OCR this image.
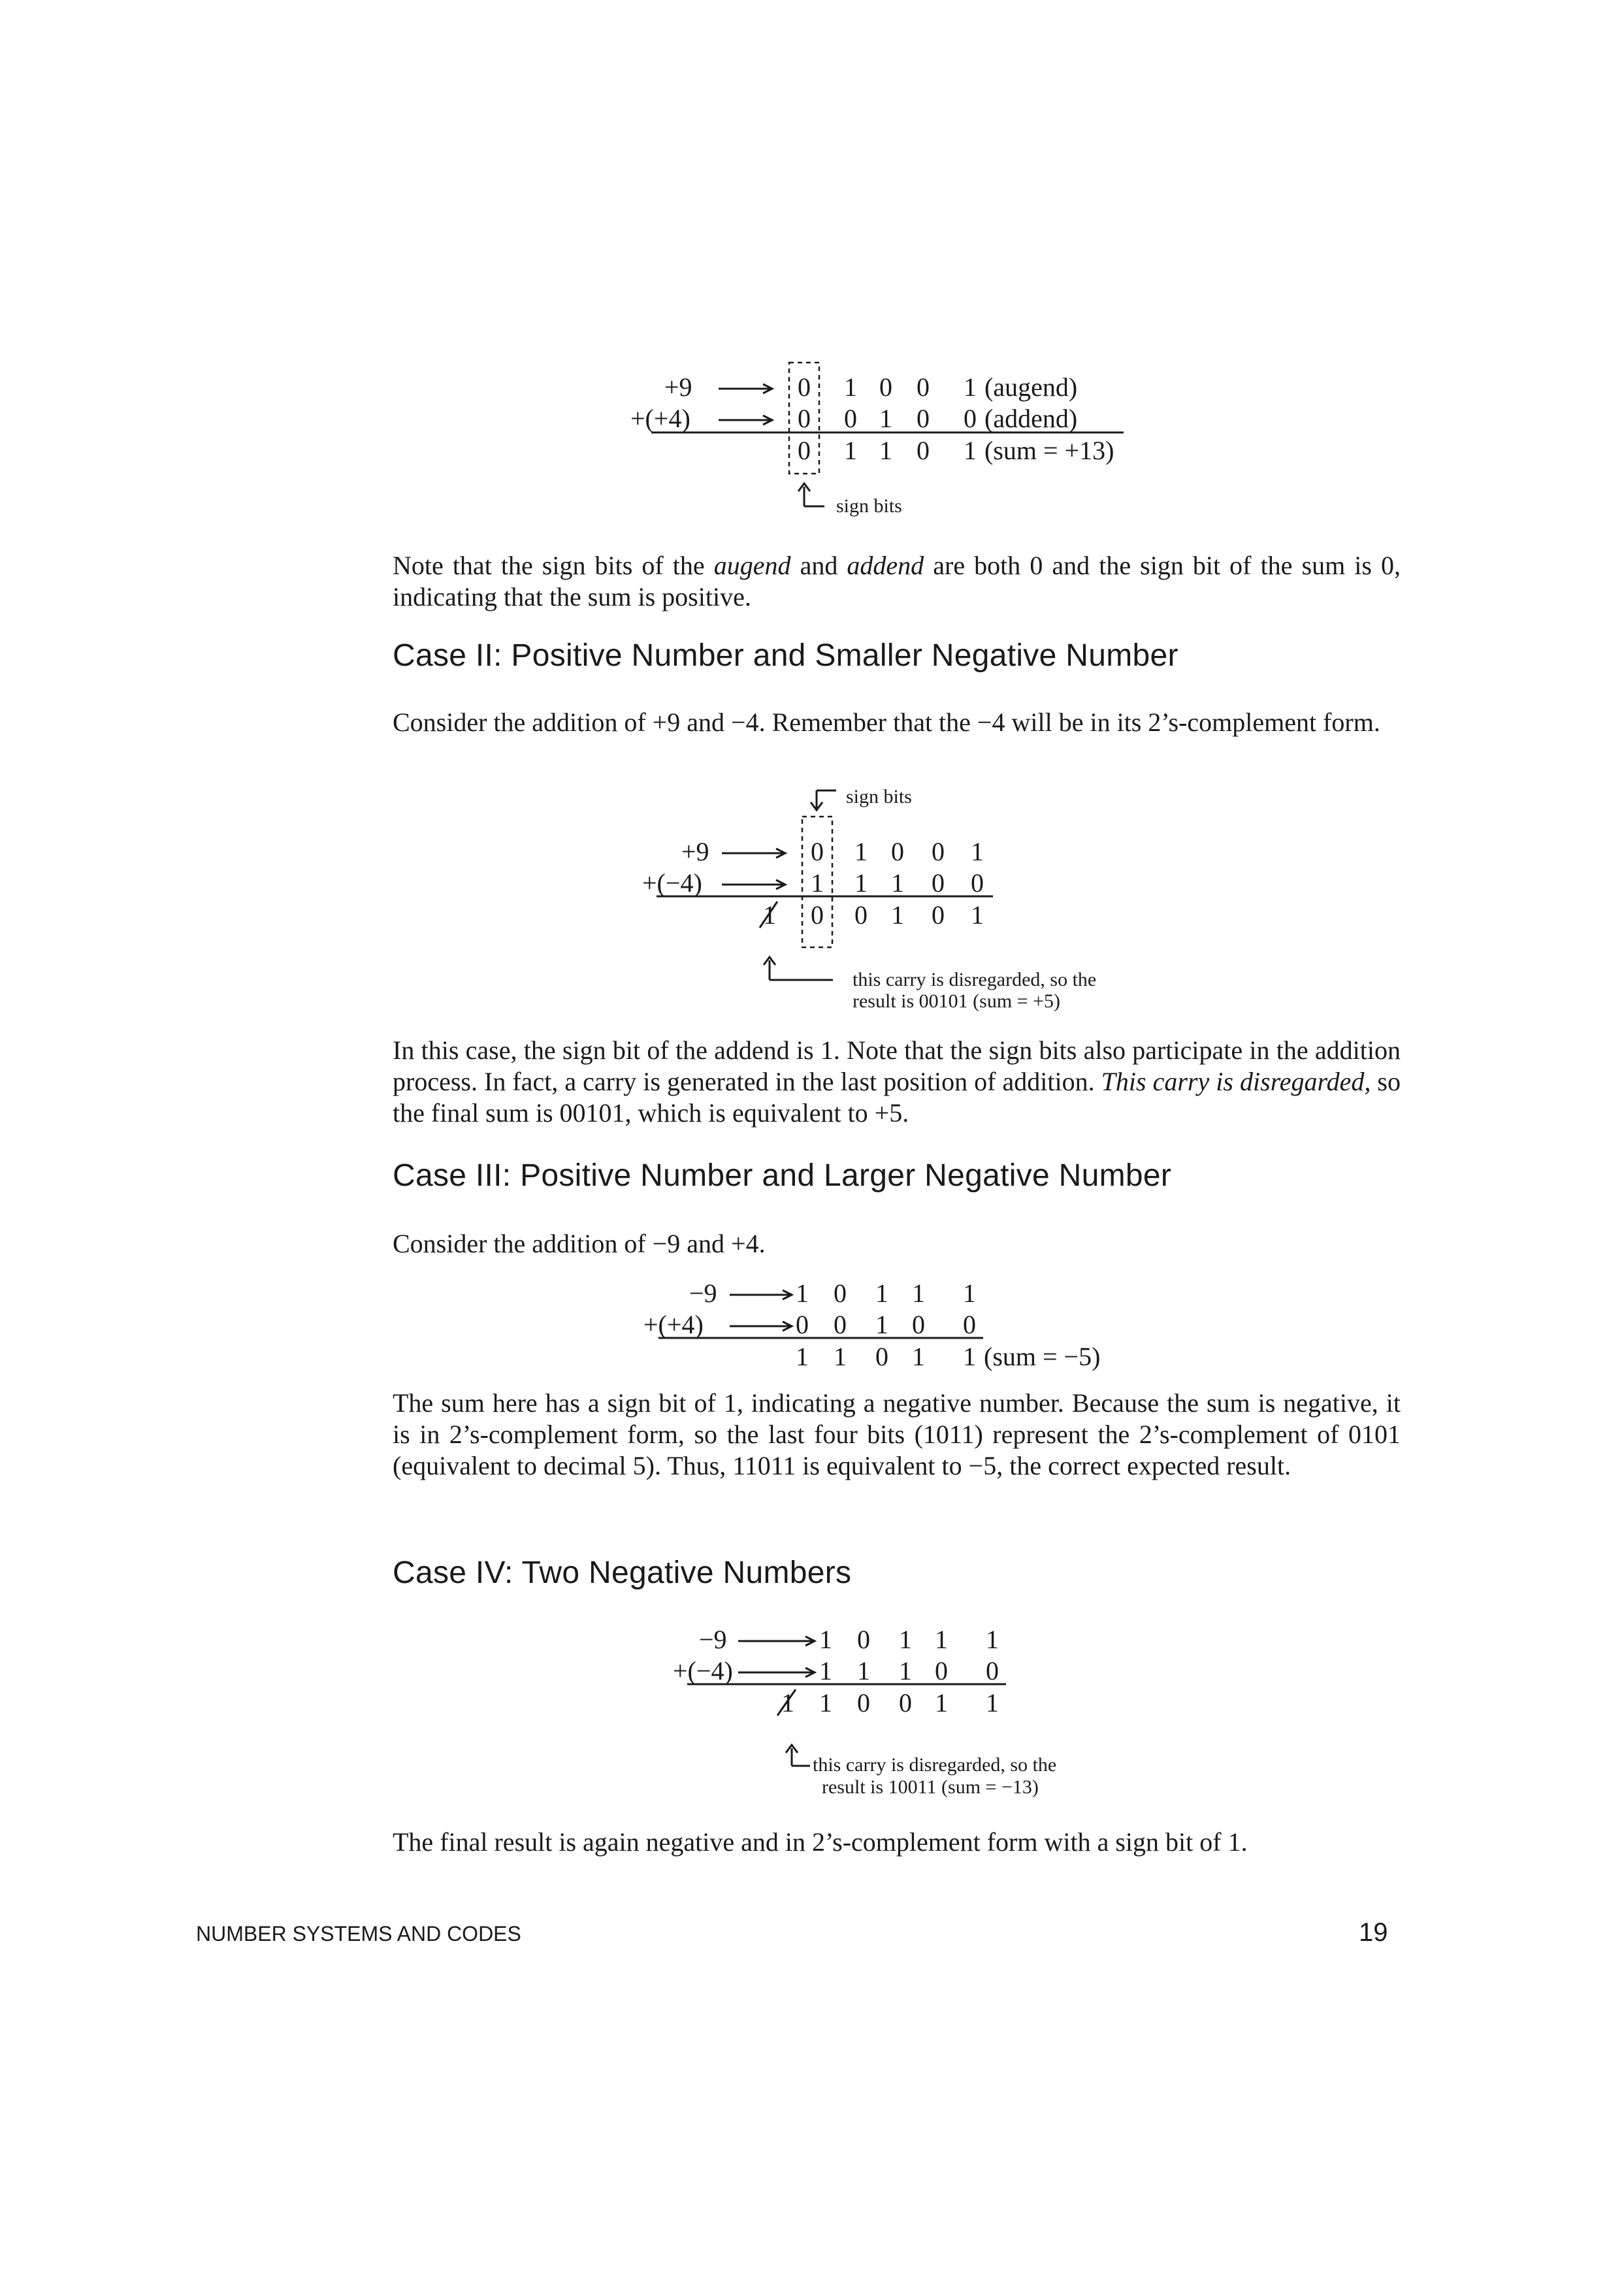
+9	0 1 0 0 1 (augend)
+(+4)	0 0 1 0 0 (addend)
0 1 1 0 1 (sum = +13)
sign bits

Note that the sign bits of the augend and addend are both 0 and the sign bit of the sum is 0, indicating that the sum is positive.

Case II: Positive Number and Smaller Negative Number

Consider the addition of +9 and −4. Remember that the −4 will be in its 2’s-complement form.

sign bits
+9	0 1 0 0 1
+(−4)	1 1 1 0 0
1 0 0 1 0 1
this carry is disregarded, so the
result is 00101 (sum = +5)

In this case, the sign bit of the addend is 1. Note that the sign bits also participate in the addition process. In fact, a carry is generated in the last position of addition. This carry is disregarded, so the final sum is 00101, which is equivalent to +5.

Case III: Positive Number and Larger Negative Number

Consider the addition of −9 and +4.

−9	1 0 1 1 1
+(+4)	0 0 1 0 0
1 1 0 1 1 (sum = −5)

The sum here has a sign bit of 1, indicating a negative number. Because the sum is negative, it is in 2’s-complement form, so the last four bits (1011) represent the 2’s-complement of 0101 (equivalent to decimal 5). Thus, 11011 is equivalent to −5, the correct expected result.

Case IV: Two Negative Numbers
−9	1 0 1 1 1
+(−4)	1 1 1 0 0
1 1 0 0 1 1
this carry is disregarded, so the
result is 10011 (sum = −13)

The final result is again negative and in 2’s-complement form with a sign bit of 1.

NUMBER SYSTEMS AND CODES	19
